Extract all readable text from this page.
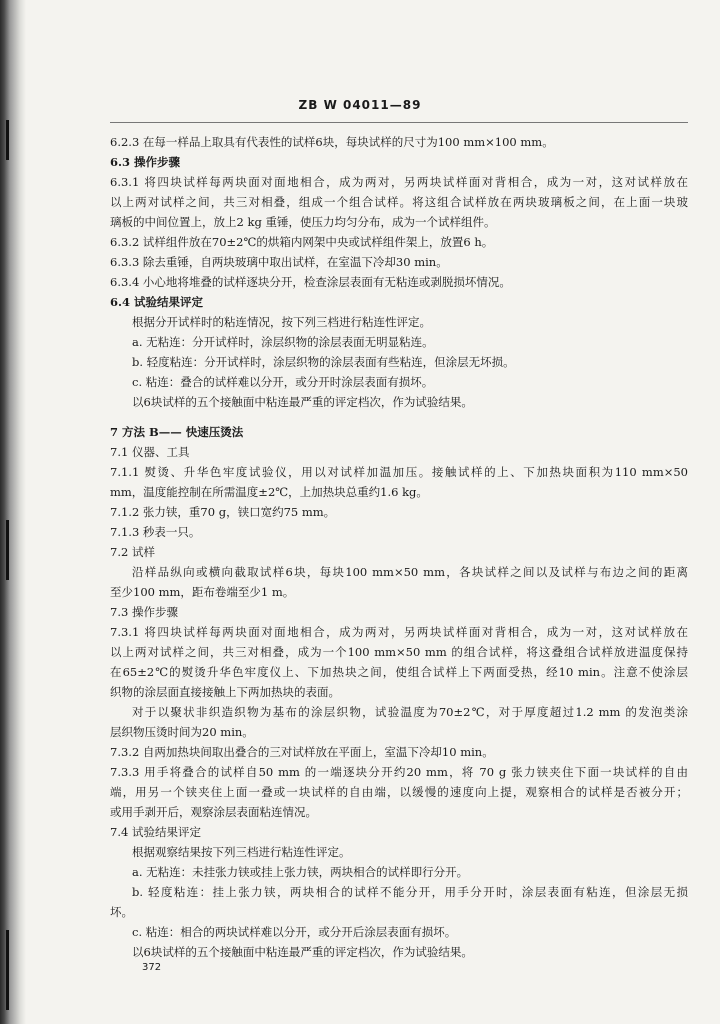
ZB W 04011—89

6.2.3 在每一样品上取具有代表性的试样6块，每块试样的尺寸为100 mm×100 mm。

6.3 操作步骤

6.3.1 将四块试样每两块面对面地相合，成为两对，另两块试样面对背相合，成为一对，这对试样放在

以上两对试样之间，共三对相叠，组成一个组合试样。将这组合试样放在两块玻璃板之间，在上面一块玻

璃板的中间位置上，放上2 kg 重锤，使压力均匀分布，成为一个试样组件。

6.3.2 试样组件放在70±2℃的烘箱内网架中央或试样组件架上，放置6 h。

6.3.3 除去重锤，自两块玻璃中取出试样，在室温下冷却30 min。

6.3.4 小心地将堆叠的试样逐块分开，检查涂层表面有无粘连或剥脱损坏情况。

6.4 试验结果评定

根据分开试样时的粘连情况，按下列三档进行粘连性评定。

a. 无粘连：分开试样时，涂层织物的涂层表面无明显粘连。

b. 轻度粘连：分开试样时，涂层织物的涂层表面有些粘连，但涂层无坏损。

c. 粘连：叠合的试样难以分开，或分开时涂层表面有损坏。

以6块试样的五个接触面中粘连最严重的评定档次，作为试验结果。

7 方法 B—— 快速压烫法

7.1 仪器、工具

7.1.1 熨烫、升华色牢度试验仪，用以对试样加温加压。接触试样的上、下加热块面积为110 mm×50

mm，温度能控制在所需温度±2℃，上加热块总重约1.6 kg。

7.1.2 张力铗，重70 g，铗口宽约75 mm。

7.1.3 秒表一只。

7.2 试样

沿样品纵向或横向截取试样6块，每块100 mm×50 mm，各块试样之间以及试样与布边之间的距离

至少100 mm，距布卷端至少1 m。

7.3 操作步骤

7.3.1 将四块试样每两块面对面地相合，成为两对，另两块试样面对背相合，成为一对，这对试样放在

以上两对试样之间，共三对相叠，成为一个100 mm×50 mm 的组合试样，将这叠组合试样放进温度保持

在65±2℃的熨烫升华色牢度仪上、下加热块之间，使组合试样上下两面受热，经10 min。注意不使涂层

织物的涂层面直接接触上下两加热块的表面。

对于以聚状非织造织物为基布的涂层织物，试验温度为70±2℃，对于厚度超过1.2 mm 的发泡类涂

层织物压烫时间为20 min。

7.3.2 自两加热块间取出叠合的三对试样放在平面上，室温下冷却10 min。

7.3.3 用手将叠合的试样自50 mm 的一端逐块分开约20 mm，将 70 g 张力铗夹住下面一块试样的自由

端，用另一个铗夹住上面一叠或一块试样的自由端，以缓慢的速度向上提，观察相合的试样是否被分开；

或用手剥开后，观察涂层表面粘连情况。

7.4 试验结果评定

根据观察结果按下列三档进行粘连性评定。

a. 无粘连：未挂张力铗或挂上张力铗，两块相合的试样即行分开。

b. 轻度粘连：挂上张力铗，两块相合的试样不能分开，用手分开时，涂层表面有粘连，但涂层无损

坏。

c. 粘连：相合的两块试样难以分开，或分开后涂层表面有损坏。

以6块试样的五个接触面中粘连最严重的评定档次，作为试验结果。

372
